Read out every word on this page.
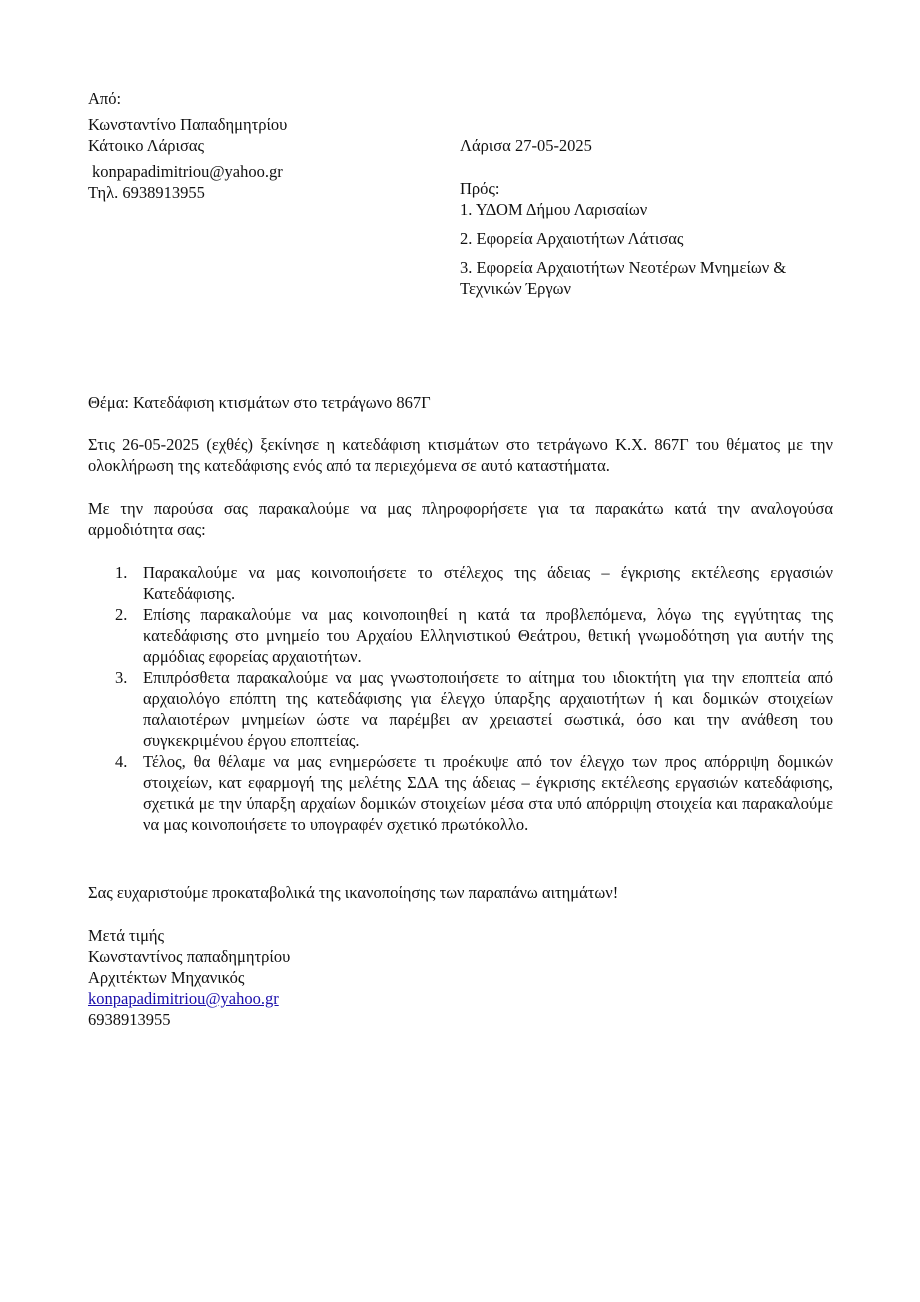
Από:
Κωνσταντίνο Παπαδημητρίου
Κάτοικο Λάρισας
konpapadimitriou@yahoo.gr
Τηλ. 6938913955
Λάρισα 27-05-2025
Πρός:
1. ΥΔΟΜ Δήμου Λαρισαίων
2. Εφορεία Αρχαιοτήτων Λάτισας
3. Εφορεία Αρχαιοτήτων Νεοτέρων Μνημείων & Τεχνικών Έργων
Θέμα: Κατεδάφιση κτισμάτων στο τετράγωνο 867Γ
Στις 26-05-2025 (εχθές) ξεκίνησε η κατεδάφιση κτισμάτων στο τετράγωνο Κ.Χ. 867Γ του θέματος με την ολοκλήρωση της κατεδάφισης ενός από τα περιεχόμενα σε αυτό καταστήματα.
Με την παρούσα σας παρακαλούμε να μας πληροφορήσετε για τα παρακάτω κατά την αναλογούσα αρμοδιότητα σας:
1. Παρακαλούμε να μας κοινοποιήσετε το στέλεχος της άδειας – έγκρισης εκτέλεσης εργασιών Κατεδάφισης.
2. Επίσης παρακαλούμε να μας κοινοποιηθεί η κατά τα προβλεπόμενα, λόγω της εγγύτητας της κατεδάφισης στο μνημείο του Αρχαίου Ελληνιστικού Θεάτρου, θετική γνωμοδότηση για αυτήν της αρμόδιας εφορείας αρχαιοτήτων.
3. Επιπρόσθετα παρακαλούμε να μας γνωστοποιήσετε το αίτημα του ιδιοκτήτη για την εποπτεία από αρχαιολόγο επόπτη της κατεδάφισης για έλεγχο ύπαρξης αρχαιοτήτων ή και δομικών στοιχείων παλαιοτέρων μνημείων ώστε να παρέμβει αν χρειαστεί σωστικά, όσο και την ανάθεση του συγκεκριμένου έργου εποπτείας.
4. Τέλος, θα θέλαμε να μας ενημερώσετε τι προέκυψε από τον έλεγχο των προς απόρριψη δομικών στοιχείων, κατ εφαρμογή της μελέτης ΣΔΑ της άδειας – έγκρισης εκτέλεσης εργασιών κατεδάφισης, σχετικά με την ύπαρξη αρχαίων δομικών στοιχείων μέσα στα υπό απόρριψη στοιχεία και παρακαλούμε να μας κοινοποιήσετε το υπογραφέν σχετικό πρωτόκολλο.
Σας ευχαριστούμε προκαταβολικά της ικανοποίησης των παραπάνω αιτημάτων!
Μετά τιμής
Κωνσταντίνος παπαδημητρίου
Αρχιτέκτων Μηχανικός
konpapadimitriou@yahoo.gr
6938913955
